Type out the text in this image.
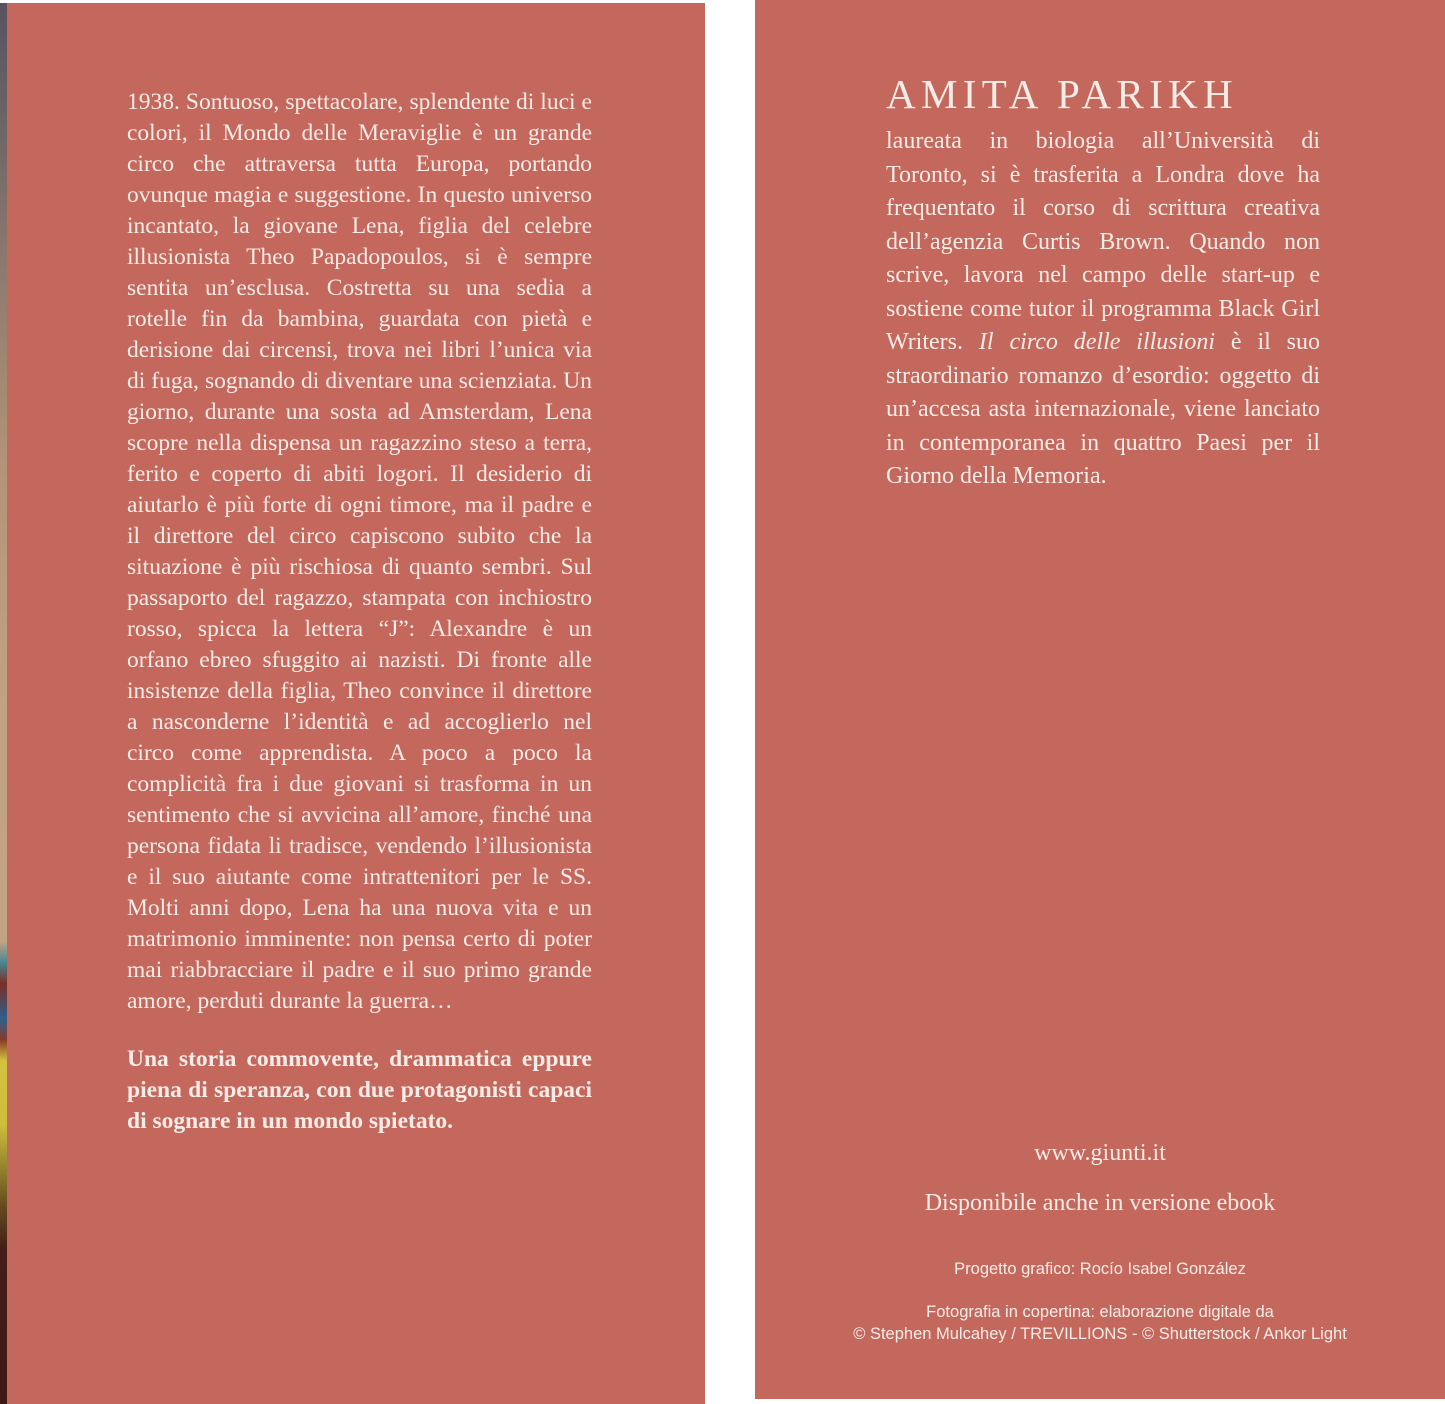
1938. Sontuoso, spettacolare, splendente di luci e colori, il Mondo delle Meraviglie è un grande circo che attraversa tutta Europa, portando ovunque magia e suggestione. In questo universo incantato, la giovane Lena, figlia del celebre illusionista Theo Papadopoulos, si è sempre sentita un’esclusa. Costretta su una sedia a rotelle fin da bambina, guardata con pietà e derisione dai circensi, trova nei libri l’unica via di fuga, sognando di diventare una scienziata. Un giorno, durante una sosta ad Amsterdam, Lena scopre nella dispensa un ragazzino steso a terra, ferito e coperto di abiti logori. Il desiderio di aiutarlo è più forte di ogni timore, ma il padre e il direttore del circo capiscono subito che la situazione è più rischiosa di quanto sembri. Sul passaporto del ragazzo, stampata con inchiostro rosso, spicca la lettera “J”: Alexandre è un orfano ebreo sfuggito ai nazisti. Di fronte alle insistenze della figlia, Theo convince il direttore a nasconderne l’identità e ad accoglierlo nel circo come apprendista. A poco a poco la complicità fra i due giovani si trasforma in un sentimento che si avvicina all’amore, finché una persona fidata li tradisce, vendendo l’illusionista e il suo aiutante come intrattenitori per le SS. Molti anni dopo, Lena ha una nuova vita e un matrimonio imminente: non pensa certo di poter mai riabbracciare il padre e il suo primo grande amore, perduti durante la guerra…

Una storia commovente, drammatica eppure piena di speranza, con due protagonisti capaci di sognare in un mondo spietato.

AMITA PARIKH

laureata in biologia all’Università di Toronto, si è trasferita a Londra dove ha frequentato il corso di scrittura creativa dell’agenzia Curtis Brown. Quando non scrive, lavora nel campo delle start-up e sostiene come tutor il programma Black Girl Writers. Il circo delle illusioni è il suo straordinario romanzo d’esordio: oggetto di un’accesa asta internazionale, viene lanciato in contemporanea in quattro Paesi per il Giorno della Memoria.

www.giunti.it
Disponibile anche in versione ebook
Progetto grafico: Rocío Isabel González
Fotografia in copertina: elaborazione digitale da
© Stephen Mulcahey / TREVILLIONS - © Shutterstock / Ankor Light
